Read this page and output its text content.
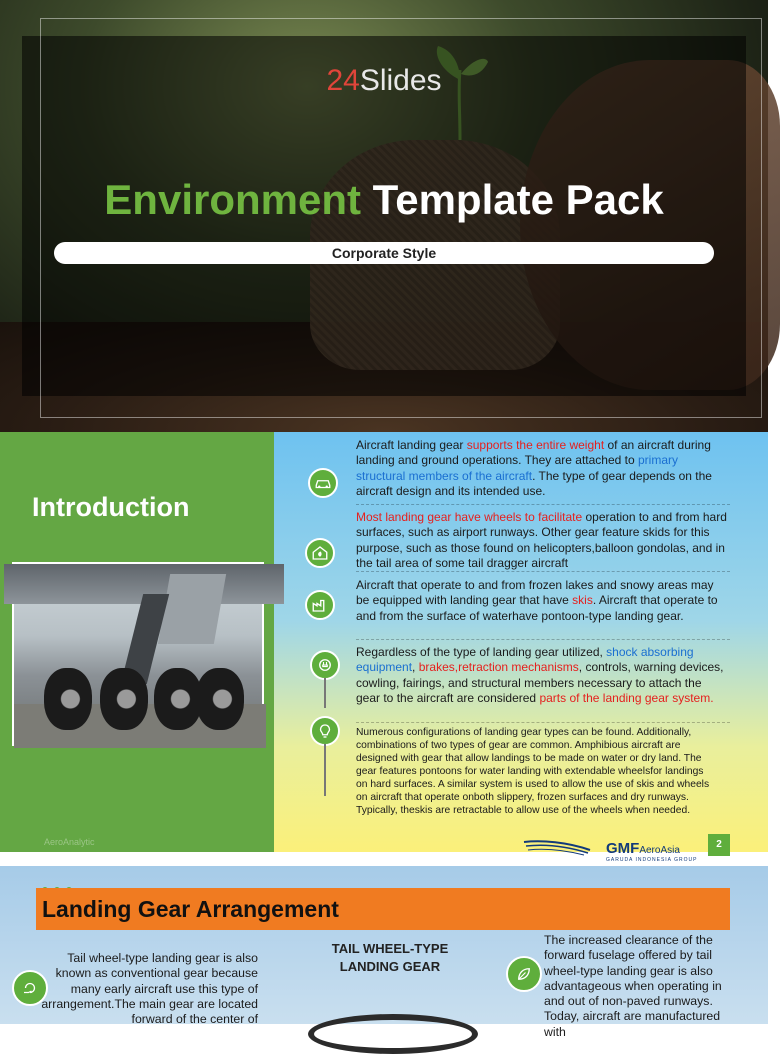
24Slides
Environment Template Pack
Corporate Style
Introduction
AeroAnalytic

Aircraft landing gear supports the entire weight of an aircraft during landing and ground operations. They are attached to primary structural members of the aircraft. The type of gear depends on the aircraft design and its intended use.

Most landing gear have wheels to facilitate operation to and from hard surfaces, such as airport runways. Other gear feature skids for this purpose, such as those found on helicopters,balloon gondolas, and in the tail area of some tail dragger aircraft

Aircraft that operate to and from frozen lakes and snowy areas may be equipped with landing gear that have skis. Aircraft that operate to and from the surface of waterhave pontoon-type landing gear.

Regardless of the type of landing gear utilized, shock absorbing equipment, brakes,retraction mechanisms, controls, warning devices, cowling, fairings, and structural members necessary to attach the gear to the aircraft are considered parts of the landing gear system.

Numerous configurations of landing gear types can be found. Additionally, combinations of two types of gear are common. Amphibious aircraft are designed with gear that allow landings to be made on water or dry land. The gear features pontoons for water landing with extendable wheelsfor landings on hard surfaces. A similar system is used to allow the use of skis and wheels on aircraft that operate onboth slippery, frozen surfaces and dry runways. Typically, theskis are retractable to allow use of the wheels when needed.

GMFAeroAsia
GARUDA INDONESIA GROUP
2
Landing Gear Arrangement

Tail wheel-type landing gear is also known as conventional gear because many early aircraft use this type of arrangement.The main gear are located forward of the center of

TAIL WHEEL-TYPE LANDING GEAR

The increased clearance of the forward fuselage offered by tail wheel-type landing gear is also advantageous when operating in and out of non-paved runways. Today, aircraft are manufactured with
